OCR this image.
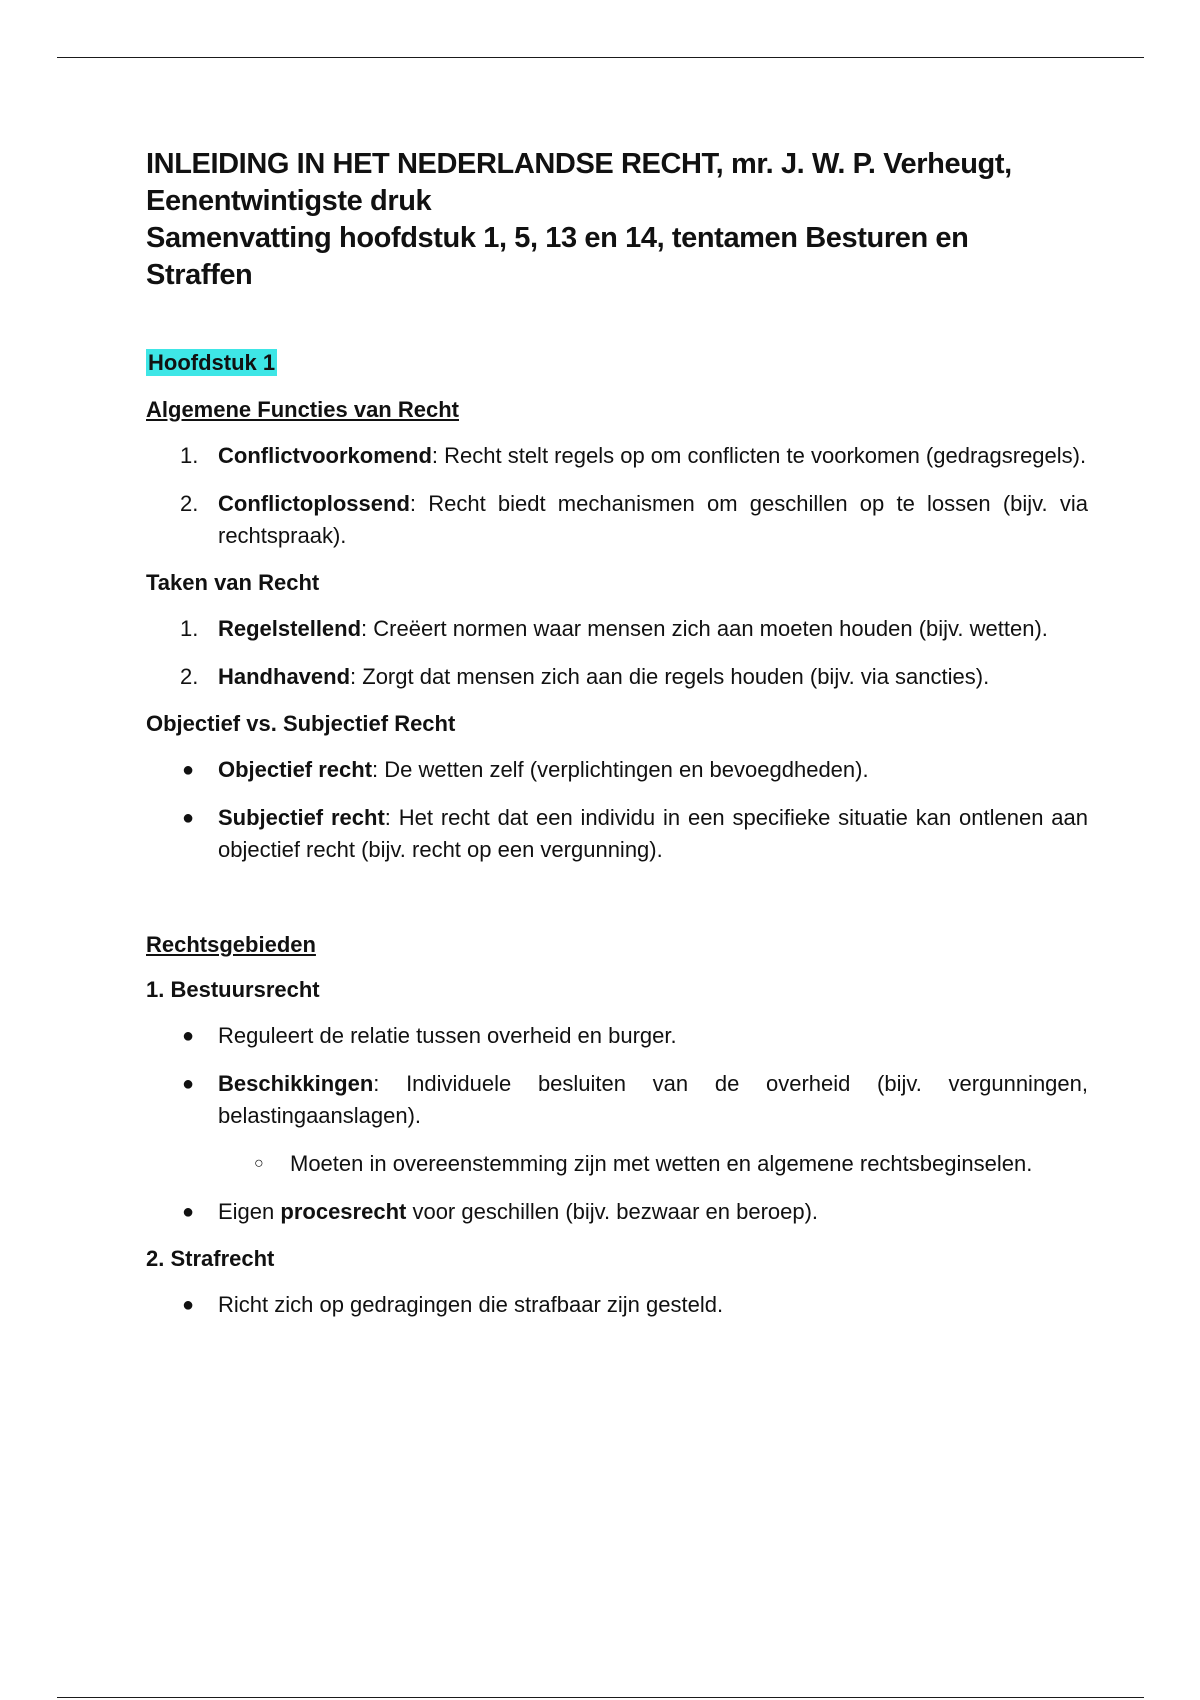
INLEIDING IN HET NEDERLANDSE RECHT, mr. J. W. P. Verheugt,
Eenentwintigste druk
Samenvatting hoofdstuk 1, 5, 13 en 14, tentamen Besturen en
Straffen
Hoofdstuk 1
Algemene Functies van Recht
1. Conflictvoorkomend: Recht stelt regels op om conflicten te voorkomen (gedragsregels).
2. Conflictoplossend: Recht biedt mechanismen om geschillen op te lossen (bijv. via rechtspraak).
Taken van Recht
1. Regelstellend: Creëert normen waar mensen zich aan moeten houden (bijv. wetten).
2. Handhavend: Zorgt dat mensen zich aan die regels houden (bijv. via sancties).
Objectief vs. Subjectief Recht
● Objectief recht: De wetten zelf (verplichtingen en bevoegdheden).
● Subjectief recht: Het recht dat een individu in een specifieke situatie kan ontlenen aan objectief recht (bijv. recht op een vergunning).
Rechtsgebieden
1. Bestuursrecht
● Reguleert de relatie tussen overheid en burger.
● Beschikkingen: Individuele besluiten van de overheid (bijv. vergunningen, belastingaanslagen).
○ Moeten in overeenstemming zijn met wetten en algemene rechtsbeginselen.
● Eigen procesrecht voor geschillen (bijv. bezwaar en beroep).
2. Strafrecht
● Richt zich op gedragingen die strafbaar zijn gesteld.
